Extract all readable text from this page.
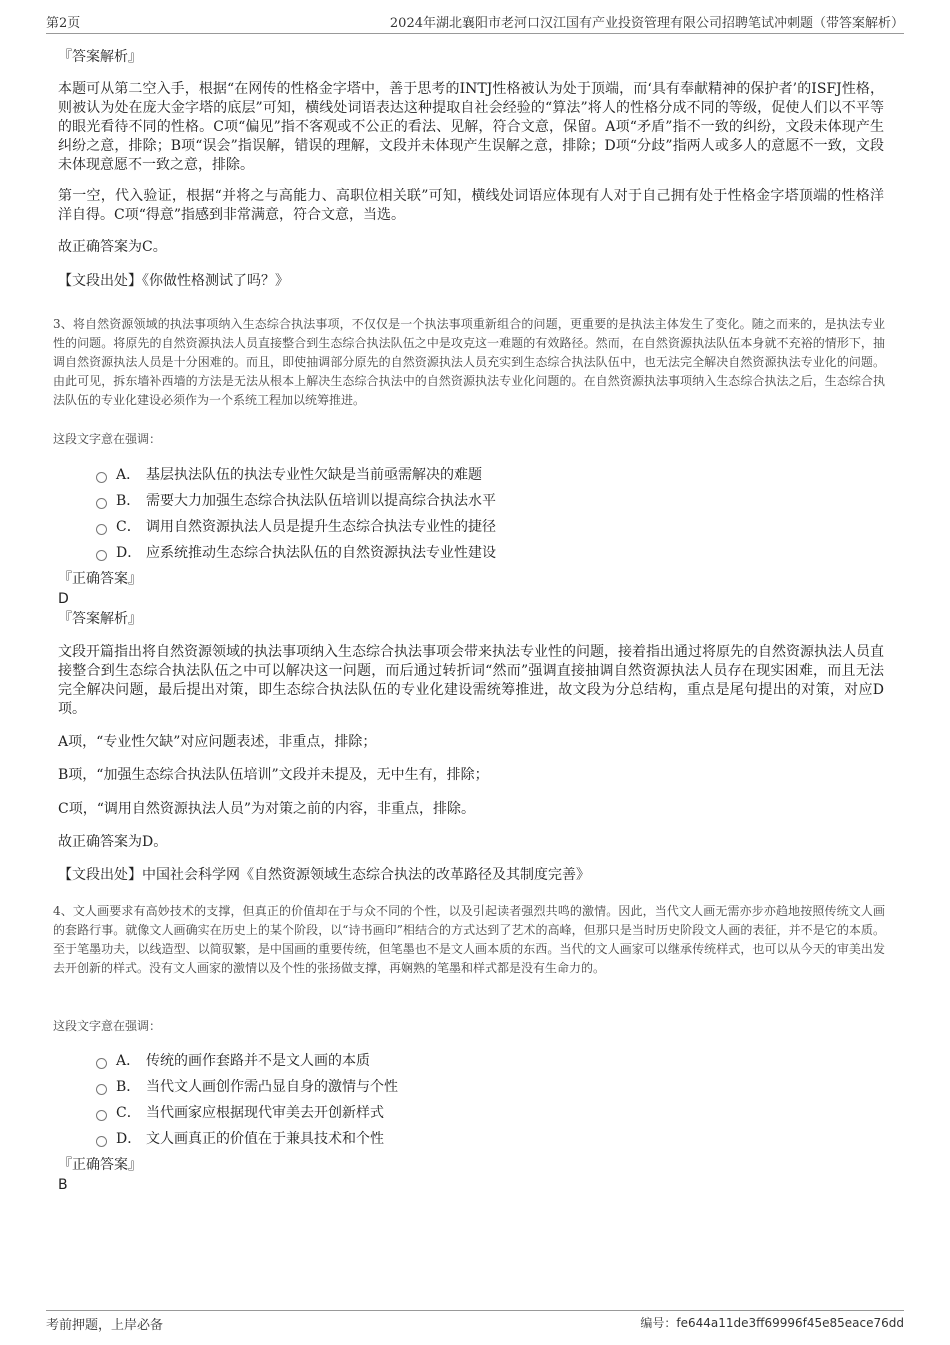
第2页	2024年湖北襄阳市老河口汉江国有产业投资管理有限公司招聘笔试冲刺题（带答案解析）
『答案解析』

本题可从第二空入手，根据“在网传的性格金字塔中，善于思考的INTJ性格被认为处于顶端，而‘具有奉献精神的保护者’的ISFJ性格，则被认为处在庞大金字塔的底层”可知，横线处词语表达这种提取自社会经验的“算法”将人的性格分成不同的等级，促使人们以不平等的眼光看待不同的性格。C项“偏见”指不客观或不公正的看法、见解，符合文意，保留。A项“矛盾”指不一致的纠纷，文段未体现产生纠纷之意，排除；B项“误会”指误解，错误的理解，文段并未体现产生误解之意，排除；D项“分歧”指两人或多人的意愿不一致，文段未体现意愿不一致之意，排除。

第一空，代入验证，根据“并将之与高能力、高职位相关联”可知，横线处词语应体现有人对于自己拥有处于性格金字塔顶端的性格洋洋自得。C项“得意”指感到非常满意，符合文意，当选。

故正确答案为C。
【文段出处】《你做性格测试了吗？》

3、将自然资源领域的执法事项纳入生态综合执法事项，不仅仅是一个执法事项重新组合的问题，更重要的是执法主体发生了变化。随之而来的，是执法专业性的问题。将原先的自然资源执法人员直接整合到生态综合执法队伍之中是攻克这一难题的有效路径。然而，在自然资源执法队伍本身就不充裕的情形下，抽调自然资源执法人员是十分困难的。而且，即使抽调部分原先的自然资源执法人员充实到生态综合执法队伍中，也无法完全解决自然资源执法专业化的问题。由此可见，拆东墙补西墙的方法是无法从根本上解决生态综合执法中的自然资源执法专业化问题的。在自然资源执法事项纳入生态综合执法之后，生态综合执法队伍的专业化建设必须作为一个系统工程加以统筹推进。

这段文字意在强调：
A． 基层执法队伍的执法专业性欠缺是当前亟需解决的难题
B． 需要大力加强生态综合执法队伍培训以提高综合执法水平
C． 调用自然资源执法人员是提升生态综合执法专业性的捷径
D． 应系统推动生态综合执法队伍的自然资源执法专业性建设
『正确答案』
D
『答案解析』

文段开篇指出将自然资源领域的执法事项纳入生态综合执法事项会带来执法专业性的问题，接着指出通过将原先的自然资源执法人员直接整合到生态综合执法队伍之中可以解决这一问题，而后通过转折词“然而”强调直接抽调自然资源执法人员存在现实困难，而且无法完全解决问题，最后提出对策，即生态综合执法队伍的专业化建设需统筹推进，故文段为分总结构，重点是尾句提出的对策，对应D项。

A项，“专业性欠缺”对应问题表述，非重点，排除；
B项，“加强生态综合执法队伍培训”文段并未提及，无中生有，排除；
C项，“调用自然资源执法人员”为对策之前的内容，非重点，排除。
故正确答案为D。
【文段出处】中国社会科学网《自然资源领域生态综合执法的改革路径及其制度完善》

4、文人画要求有高妙技术的支撑，但真正的价值却在于与众不同的个性，以及引起读者强烈共鸣的激情。因此，当代文人画无需亦步亦趋地按照传统文人画的套路行事。就像文人画确实在历史上的某个阶段，以“诗书画印”相结合的方式达到了艺术的高峰，但那只是当时历史阶段文人画的表征，并不是它的本质。至于笔墨功夫，以线造型、以简驭繁，是中国画的重要传统，但笔墨也不是文人画本质的东西。当代的文人画家可以继承传统样式，也可以从今天的审美出发去开创新的样式。没有文人画家的激情以及个性的张扬做支撑，再娴熟的笔墨和样式都是没有生命力的。

这段文字意在强调：
A． 传统的画作套路并不是文人画的本质
B． 当代文人画创作需凸显自身的激情与个性
C． 当代画家应根据现代审美去开创新样式
D． 文人画真正的价值在于兼具技术和个性
『正确答案』
B
考前押题，上岸必备	编号：fe644a11de3ff69996f45e85eace76dd
